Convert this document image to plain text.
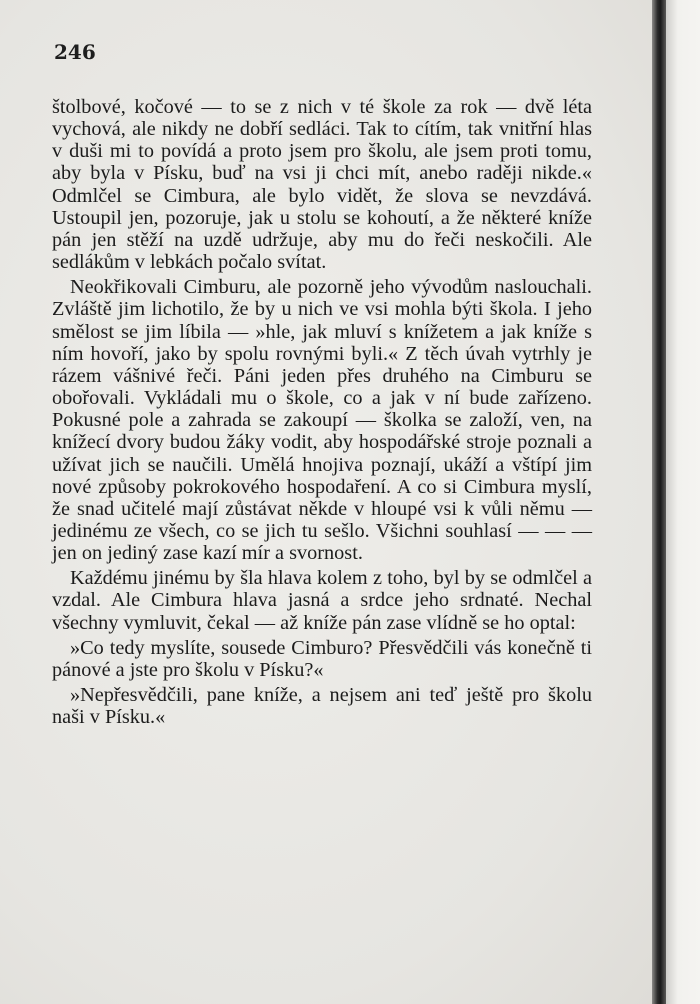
246

štolbové, kočové — to se z nich v té škole za rok — dvě léta vychová, ale nikdy ne dobří sedláci. Tak to cítím, tak vnitřní hlas v duši mi to povídá a proto jsem pro školu, ale jsem proti tomu, aby byla v Písku, buď na vsi ji chci mít, anebo raději nikde.« Odmlčel se Cimbura, ale bylo vidět, že slova se nevzdává. Ustoupil jen, pozoruje, jak u stolu se kohoutí, a že některé kníže pán jen stěží na uzdě udržuje, aby mu do řeči neskočili. Ale sedlákům v lebkách počalo svítat.

Neokřikovali Cimburu, ale pozorně jeho vývodům naslouchali. Zvláště jim lichotilo, že by u nich ve vsi mohla býti škola. I jeho smělost se jim líbila — »hle, jak mluví s knížetem a jak kníže s ním hovoří, jako by spolu rovnými byli.« Z těch úvah vytrhly je rázem vášnivé řeči. Páni jeden přes druhého na Cimburu se obořovali. Vykládali mu o škole, co a jak v ní bude zařízeno. Pokusné pole a zahrada se zakoupí — školka se založí, ven, na knížecí dvory budou žáky vodit, aby hospodářské stroje poznali a užívat jich se naučili. Umělá hnojiva poznají, ukáží a vštípí jim nové způsoby pokrokového hospodaření. A co si Cimbura myslí, že snad učitelé mají zůstávat někde v hloupé vsi k vůli němu — jedinému ze všech, co se jich tu sešlo. Všichni souhlasí — — — jen on jediný zase kazí mír a svornost.

Každému jinému by šla hlava kolem z toho, byl by se odmlčel a vzdal. Ale Cimbura hlava jasná a srdce jeho srdnaté. Nechal všechny vymluvit, čekal — až kníže pán zase vlídně se ho optal:

»Co tedy myslíte, sousede Cimburo? Přesvědčili vás konečně ti pánové a jste pro školu v Písku?«

»Nepřesvědčili, pane kníže, a nejsem ani teď ještě pro školu naši v Písku.«
